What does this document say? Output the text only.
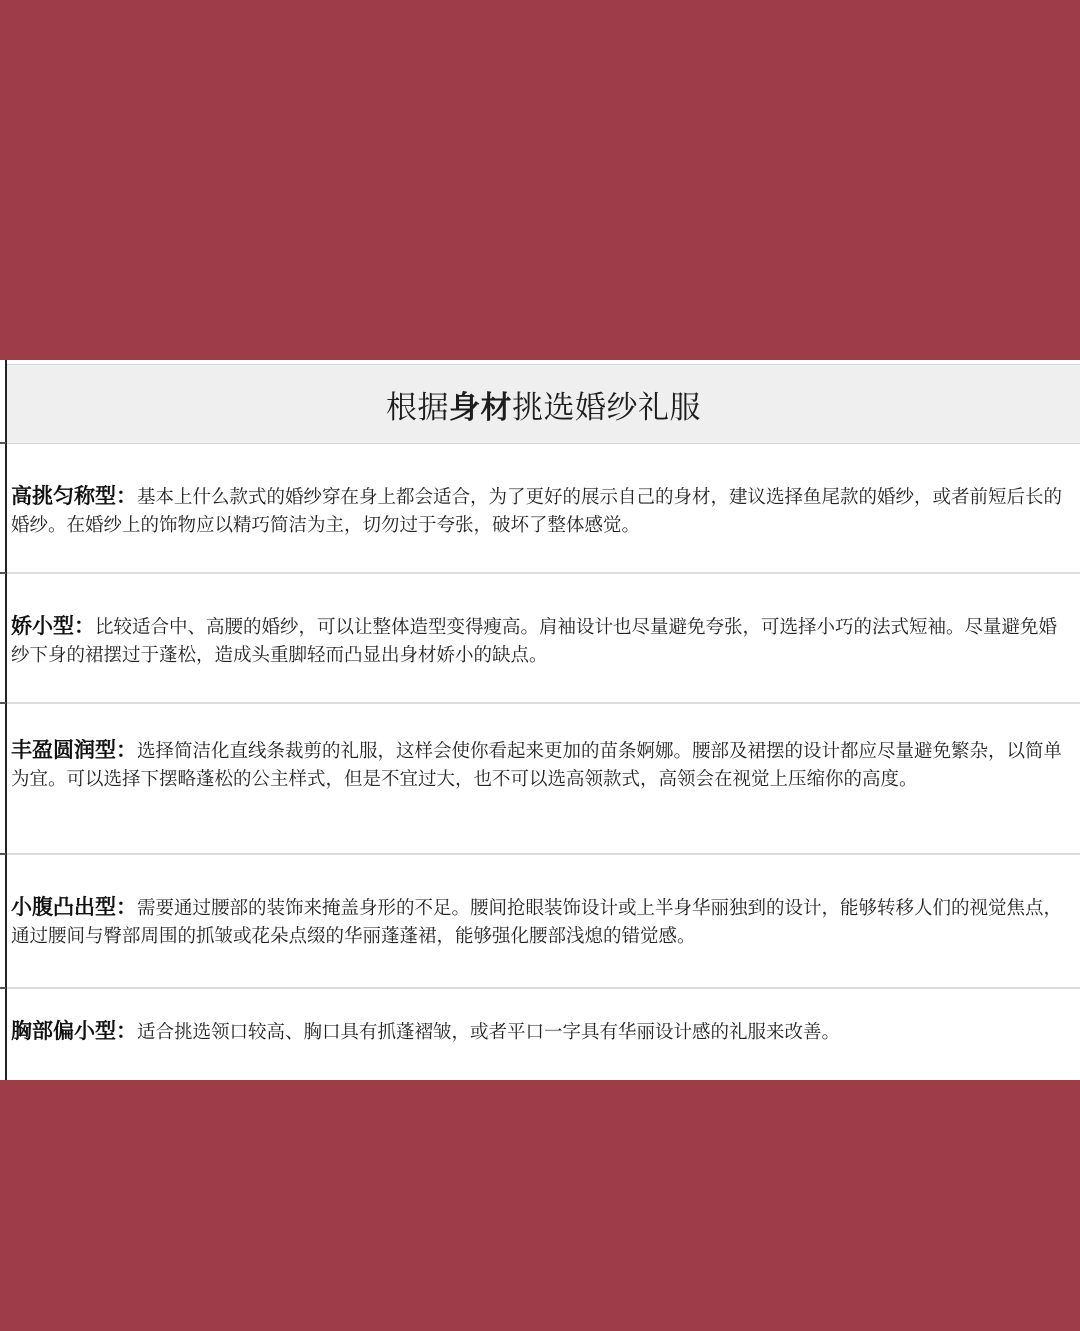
根据身材挑选婚纱礼服
高挑匀称型：基本上什么款式的婚纱穿在身上都会适合，为了更好的展示自己的身材，建议选择鱼尾款的婚纱，或者前短后长的婚纱。在婚纱上的饰物应以精巧简洁为主，切勿过于夸张，破坏了整体感觉。
娇小型：比较适合中、高腰的婚纱，可以让整体造型变得瘦高。肩袖设计也尽量避免夸张，可选择小巧的法式短袖。尽量避免婚纱下身的裙摆过于蓬松，造成头重脚轻而凸显出身材娇小的缺点。
丰盈圆润型：选择简洁化直线条裁剪的礼服，这样会使你看起来更加的苗条婀娜。腰部及裙摆的设计都应尽量避免繁杂，以简单为宜。可以选择下摆略蓬松的公主样式，但是不宜过大，也不可以选高领款式，高领会在视觉上压缩你的高度。
小腹凸出型：需要通过腰部的装饰来掩盖身形的不足。腰间抢眼装饰设计或上半身华丽独到的设计，能够转移人们的视觉焦点，通过腰间与臀部周围的抓皱或花朵点缀的华丽蓬蓬裙，能够强化腰部浅熄的错觉感。
胸部偏小型：适合挑选领口较高、胸口具有抓蓬褶皱，或者平口一字具有华丽设计感的礼服来改善。
